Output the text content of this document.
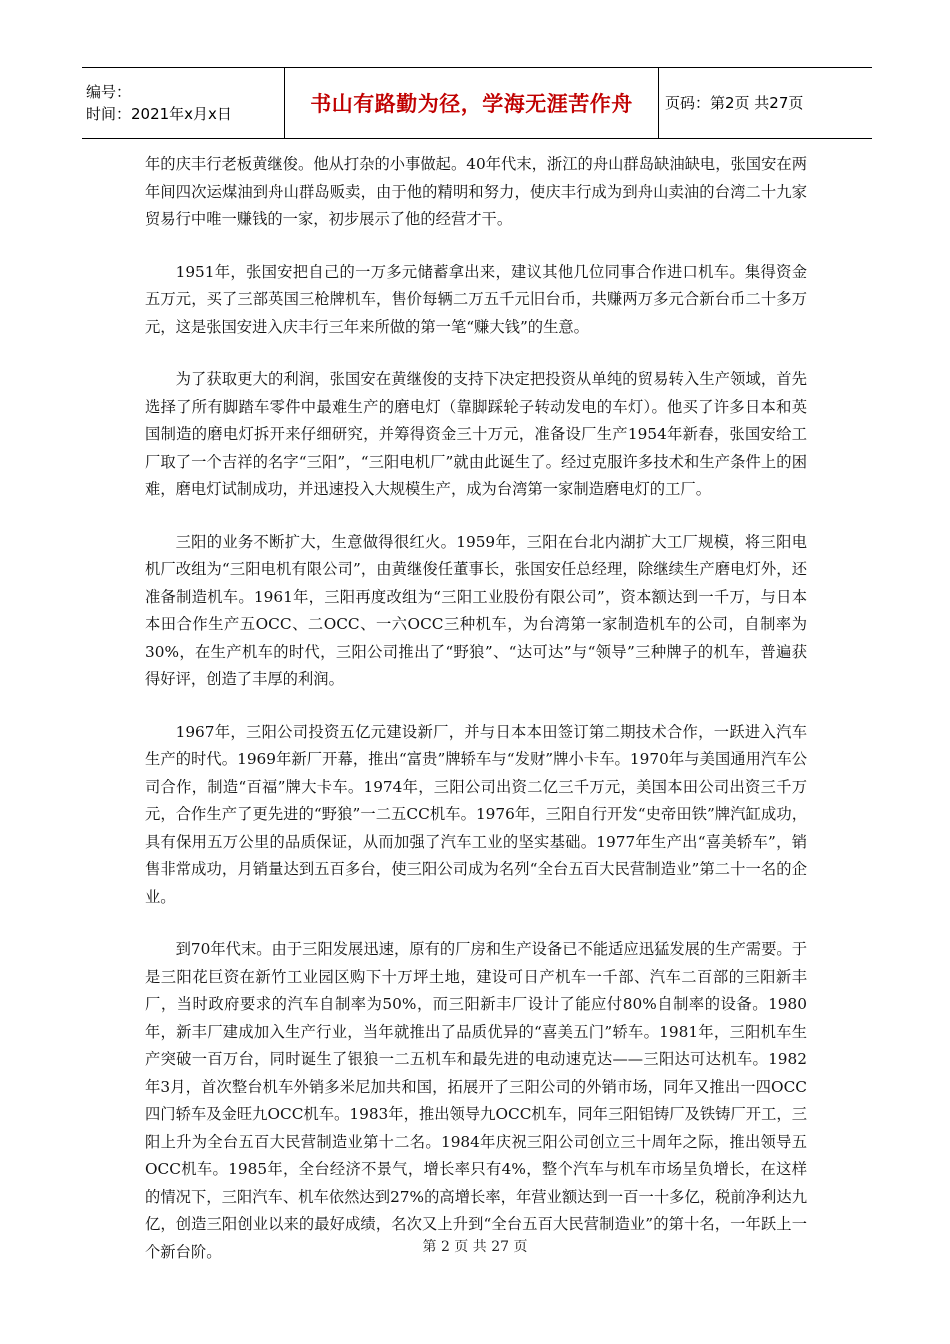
编号：
时间：2021年x月x日	书山有路勤为径，学海无涯苦作舟 页码：第2页 共27页

年的庆丰行老板黄继俊。他从打杂的小事做起。40年代末，浙江的舟山群岛缺油缺电，张国安在两年间四次运煤油到舟山群岛贩卖，由于他的精明和努力，使庆丰行成为到舟山卖油的台湾二十九家贸易行中唯一赚钱的一家，初步展示了他的经营才干。

1951年，张国安把自己的一万多元储蓄拿出来，建议其他几位同事合作进口机车。集得资金五万元，买了三部英国三枪牌机车，售价每辆二万五千元旧台币，共赚两万多元合新台币二十多万元，这是张国安进入庆丰行三年来所做的第一笔“赚大钱”的生意。

为了获取更大的利润，张国安在黄继俊的支持下决定把投资从单纯的贸易转入生产领域，首先选择了所有脚踏车零件中最难生产的磨电灯（靠脚踩轮子转动发电的车灯）。他买了许多日本和英国制造的磨电灯拆开来仔细研究，并筹得资金三十万元，准备设厂生产1954年新春，张国安给工厂取了一个吉祥的名字“三阳”，“三阳电机厂”就由此诞生了。经过克服许多技术和生产条件上的困难，磨电灯试制成功，并迅速投入大规模生产，成为台湾第一家制造磨电灯的工厂。

三阳的业务不断扩大，生意做得很红火。1959年，三阳在台北内湖扩大工厂规模，将三阳电机厂改组为“三阳电机有限公司”，由黄继俊任董事长，张国安任总经理，除继续生产磨电灯外，还准备制造机车。1961年，三阳再度改组为“三阳工业股份有限公司”，资本额达到一千万，与日本本田合作生产五OCC、二OCC、一六OCC三种机车，为台湾第一家制造机车的公司，自制率为30%，在生产机车的时代，三阳公司推出了“野狼”、“达可达”与“领导”三种牌子的机车，普遍获得好评，创造了丰厚的利润。

1967年，三阳公司投资五亿元建设新厂，并与日本本田签订第二期技术合作，一跃进入汽车生产的时代。1969年新厂开幕，推出“富贵”牌轿车与“发财”牌小卡车。1970年与美国通用汽车公司合作，制造“百福”牌大卡车。1974年，三阳公司出资二亿三千万元，美国本田公司出资三千万元，合作生产了更先进的“野狼”一二五CC机车。1976年，三阳自行开发“史帝田铁”牌汽缸成功，具有保用五万公里的品质保证，从而加强了汽车工业的坚实基础。1977年生产出“喜美轿车”，销售非常成功，月销量达到五百多台，使三阳公司成为名列“全台五百大民营制造业”第二十一名的企业。

到70年代末。由于三阳发展迅速，原有的厂房和生产设备已不能适应迅猛发展的生产需要。于是三阳花巨资在新竹工业园区购下十万坪土地，建设可日产机车一千部、汽车二百部的三阳新丰厂，当时政府要求的汽车自制率为50%，而三阳新丰厂设计了能应付80%自制率的设备。1980年，新丰厂建成加入生产行业，当年就推出了品质优异的“喜美五门”轿车。1981年，三阳机车生产突破一百万台，同时诞生了银狼一二五机车和最先进的电动速克达——三阳达可达机车。1982年3月，首次整台机车外销多米尼加共和国，拓展开了三阳公司的外销市场，同年又推出一四OCC四门轿车及金旺九OCC机车。1983年，推出领导九OCC机车，同年三阳铝铸厂及铁铸厂开工，三阳上升为全台五百大民营制造业第十二名。1984年庆祝三阳公司创立三十周年之际，推出领导五OCC机车。1985年，全台经济不景气，增长率只有4%，整个汽车与机车市场呈负增长，在这样的情况下，三阳汽车、机车依然达到27%的高增长率，年营业额达到一百一十多亿，税前净利达九亿，创造三阳创业以来的最好成绩，名次又上升到“全台五百大民营制造业”的第十名，一年跃上一个新台阶。	第 2 页 共 27 页
